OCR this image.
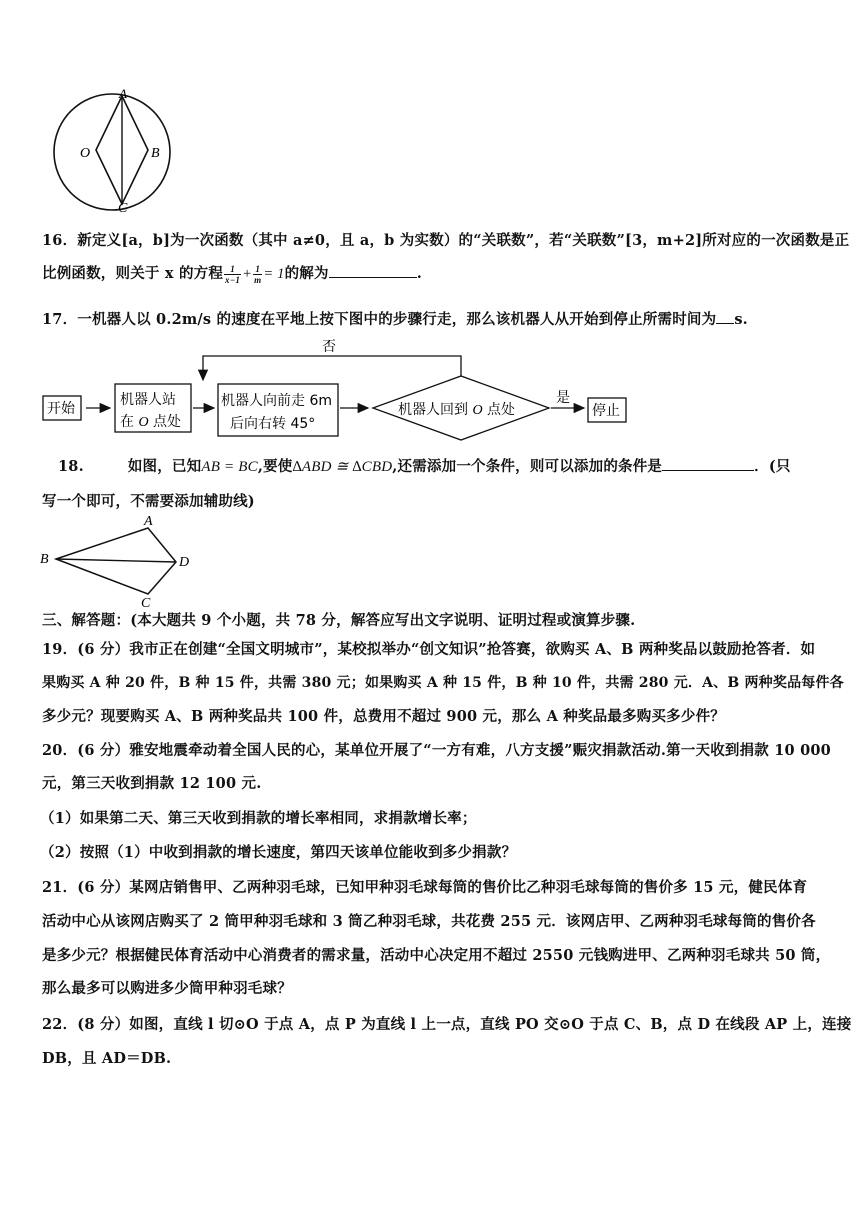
A
O	B
C
16．新定义[a，b]为一次函数（其中 a≠0，且 a，b 为实数）的“关联数”，若“关联数”[3，m+2]所对应的一次函数是正
比例函数，则关于 x 的方程 $\frac{1}{x-1} + \frac{1}{m} = 1$的解为	.
17．一机器人以 0.2m/s 的速度在平地上按下图中的步骤行走，那么该机器人从开始到停止所需时间为 s.
开始
机器人站
在 O 点处
机器人向前走 6m
后向右转 45°
机器人回到 O 点处
否
是
停止
18.	如图，已知AB = BC,要使∆ABD ≅ ∆CBD,还需添加一个条件，则可以添加的条件是	．(只
写一个即可，不需要添加辅助线)
A
B	D
C
三、解答题：(本大题共 9 个小题，共 78 分，解答应写出文字说明、证明过程或演算步骤.
19．(6 分）我市正在创建“全国文明城市”，某校拟举办“创文知识”抢答赛，欲购买 A、B 两种奖品以鼓励抢答者．如
果购买 A 种 20 件，B 种 15 件，共需 380 元；如果购买 A 种 15 件，B 种 10 件，共需 280 元．A、B 两种奖品每件各
多少元？现要购买 A、B 两种奖品共 100 件，总费用不超过 900 元，那么 A 种奖品最多购买多少件？
20．(6 分）雅安地震牵动着全国人民的心，某单位开展了“一方有难，八方支援”赈灾捐款活动.第一天收到捐款 10 000
元，第三天收到捐款 12 100 元.
（1）如果第二天、第三天收到捐款的增长率相同，求捐款增长率；
（2）按照（1）中收到捐款的增长速度，第四天该单位能收到多少捐款？
21．(6 分）某网店销售甲、乙两种羽毛球，已知甲种羽毛球每筒的售价比乙种羽毛球每筒的售价多 15 元，健民体育
活动中心从该网店购买了 2 筒甲种羽毛球和 3 筒乙种羽毛球，共花费 255 元．该网店甲、乙两种羽毛球每筒的售价各
是多少元？根据健民体育活动中心消费者的需求量，活动中心决定用不超过 2550 元钱购进甲、乙两种羽毛球共 50 筒，
那么最多可以购进多少筒甲种羽毛球？
22．(8 分）如图，直线 l 切⊙O 于点 A，点 P 为直线 l 上一点，直线 PO 交⊙O 于点 C、B，点 D 在线段 AP 上，连接
DB，且 AD＝DB.
